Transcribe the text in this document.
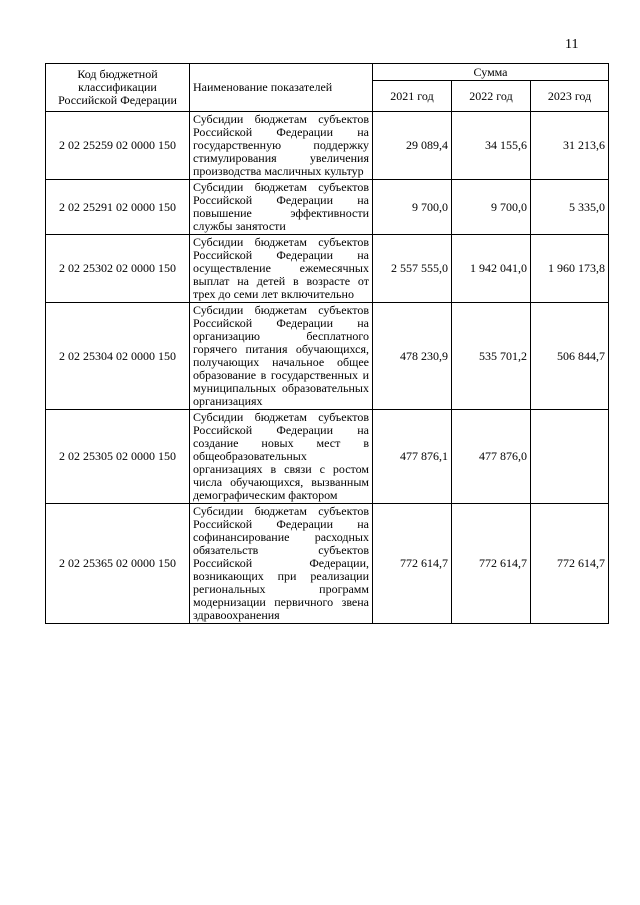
11
Код бюджетной классификации Российской Федерации	Наименование показателей	Сумма		
		2021 год	2022 год	2023 год
2 02 25259 02 0000 150	Субсидии бюджетам субъектов Российской Федерации на государственную поддержку стимулирования увеличения производства масличных культур	29 089,4	34 155,6	31 213,6
2 02 25291 02 0000 150	Субсидии бюджетам субъектов Российской Федерации на повышение эффективности службы занятости	9 700,0	9 700,0	5 335,0
2 02 25302 02 0000 150	Субсидии бюджетам субъектов Российской Федерации на осуществление ежемесячных выплат на детей в возрасте от трех до семи лет включительно	2 557 555,0	1 942 041,0	1 960 173,8
2 02 25304 02 0000 150	Субсидии бюджетам субъектов Российской Федерации на организацию бесплатного горячего питания обучающихся, получающих начальное общее образование в государственных и муниципальных образовательных организациях	478 230,9	535 701,2	506 844,7
2 02 25305 02 0000 150	Субсидии бюджетам субъектов Российской Федерации на создание новых мест в общеобразовательных организациях в связи с ростом числа обучающихся, вызванным демографическим фактором	477 876,1	477 876,0	
2 02 25365 02 0000 150	Субсидии бюджетам субъектов Российской Федерации на софинансирование расходных обязательств субъектов Российской Федерации, возникающих при реализации региональных программ модернизации первичного звена здравоохранения	772 614,7	772 614,7	772 614,7
